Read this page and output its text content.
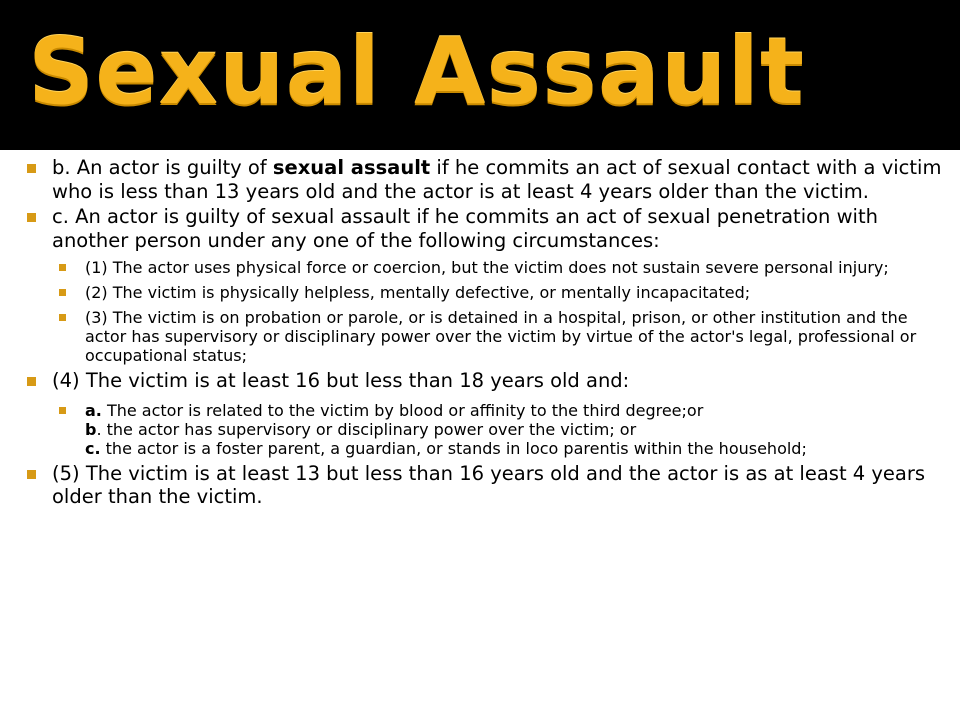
Sexual Assault
b. An actor is guilty of sexual assault if he commits an act of sexual contact with a victim who is less than 13 years old and the actor is at least 4 years older than the victim.
c. An actor is guilty of sexual assault if he commits an act of sexual penetration with another person under any one of the following circumstances:
(1) The actor uses physical force or coercion, but the victim does not sustain severe personal injury;
(2) The victim is physically helpless, mentally defective, or mentally incapacitated;
(3) The victim is on probation or parole, or is detained in a hospital, prison, or other institution and the actor has supervisory or disciplinary power over the victim by virtue of the actor's legal, professional or occupational status;
(4) The victim is at least 16 but less than 18 years old and:
a. The actor is related to the victim by blood or affinity to the third degree;or
b. the actor has supervisory or disciplinary power over the victim; or
c. the actor is a foster parent, a guardian, or stands in loco parentis within the household;
(5) The victim is at least 13 but less than 16 years old and the actor is as at least 4 years older than the victim.
